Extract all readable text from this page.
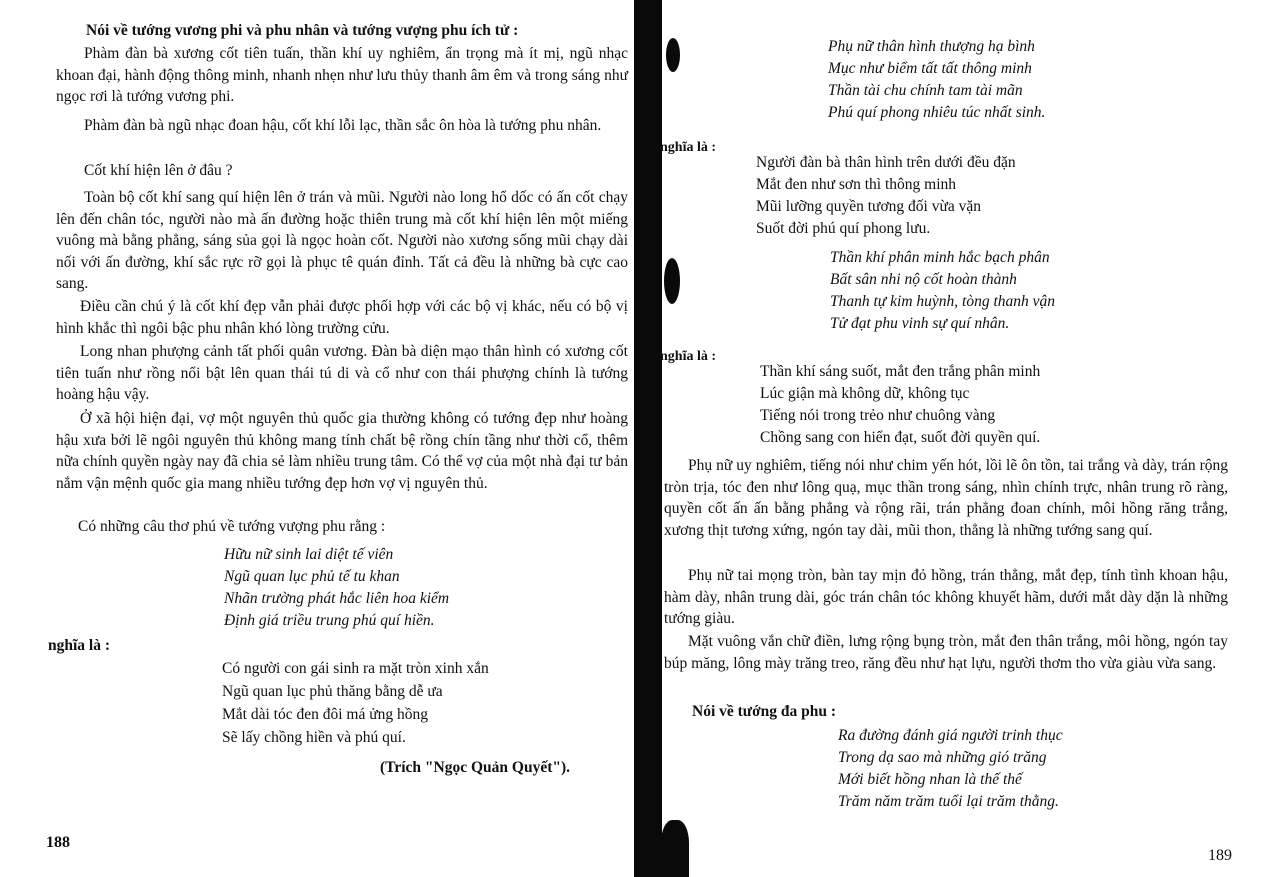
Nói về tướng vương phi và phu nhân và tướng vượng phu ích tử :

Phàm đàn bà xương cốt tiên tuấn, thần khí uy nghiêm, ẩn trọng mà ít mị, ngũ nhạc khoan đại, hành động thông minh, nhanh nhẹn như lưu thủy thanh âm êm và trong sáng như ngọc rơi là tướng vương phi.

Phàm đàn bà ngũ nhạc đoan hậu, cốt khí lỗi lạc, thần sắc ôn hòa là tướng phu nhân.

Cốt khí hiện lên ở đâu ?

Toàn bộ cốt khí sang quí hiện lên ở trán và mũi. Người nào long hổ dốc có ấn cốt chạy lên đến chân tóc, người nào mà ấn đường hoặc thiên trung mà cốt khí hiện lên một miếng vuông mà bằng phẳng, sáng sủa gọi là ngọc hoàn cốt. Người nào xương sống mũi chạy dài nối với ấn đường, khí sắc rực rỡ gọi là phục tê quán đỉnh. Tất cả đều là những bà cực cao sang.

Điều cần chú ý là cốt khí đẹp vẫn phải được phối hợp với các bộ vị khác, nếu có bộ vị hình khắc thì ngôi bậc phu nhân khó lòng trường cửu.

Long nhan phượng cảnh tất phối quân vương. Đàn bà diện mạo thân hình có xương cốt tiên tuấn như rồng nổi bật lên quan thái tú di và cổ như con thái phượng chính là tướng hoàng hậu vậy.

Ở xã hội hiện đại, vợ một nguyên thủ quốc gia thường không có tướng đẹp như hoàng hậu xưa bởi lẽ ngôi nguyên thủ không mang tính chất bệ rồng chín tầng như thời cổ, thêm nữa chính quyền ngày nay đã chia sẻ làm nhiều trung tâm. Có thể vợ của một nhà đại tư bản nắm vận mệnh quốc gia mang nhiều tướng đẹp hơn vợ vị nguyên thủ.

Có những câu thơ phú về tướng vượng phu rằng :

Hữu nữ sinh lai diệt tế viên

Ngũ quan lục phủ tế tu khan

Nhãn trường phát hắc liên hoa kiểm

Định giá triều trung phú quí hiền.

nghĩa là :

Có người con gái sinh ra mặt tròn xinh xắn

Ngũ quan lục phủ thăng bằng dễ ưa

Mắt dài tóc đen đôi má ửng hồng

Sẽ lấy chồng hiền và phú quí.

(Trích "Ngọc Quản Quyết").

188

Phụ nữ thân hình thượng hạ bình

Mục như biểm tất tất thông minh

Thần tài chu chính tam tài mãn

Phú quí phong nhiêu túc nhất sinh.

nghĩa là :

Người đàn bà thân hình trên dưới đều đặn

Mắt đen như sơn thì thông minh

Mũi lưỡng quyền tương đối vừa vặn

Suốt đời phú quí phong lưu.

Thần khí phân minh hắc bạch phân

Bất sân nhi nộ cốt hoàn thành

Thanh tự kim huỳnh, tòng thanh vận

Tử đạt phu vinh sự quí nhân.

nghĩa là :

Thần khí sáng suốt, mắt đen trắng phân minh

Lúc giận mà không dữ, không tục

Tiếng nói trong trẻo như chuông vàng

Chồng sang con hiển đạt, suốt đời quyền quí.

Phụ nữ uy nghiêm, tiếng nói như chim yến hót, lồi lẽ ôn tồn, tai trắng và dày, trán rộng tròn trịa, tóc đen như lông quạ, mục thần trong sáng, nhìn chính trực, nhân trung rõ ràng, quyền cốt ấn ấn bằng phẳng và rộng rãi, trán phẳng đoan chính, môi hồng răng trắng, xương thịt tương xứng, ngón tay dài, mũi thon, thẳng là những tướng sang quí.

Phụ nữ tai mọng tròn, bàn tay mịn đỏ hồng, trán thẳng, mắt đẹp, tính tình khoan hậu, hàm dày, nhân trung dài, góc trán chân tóc không khuyết hãm, dưới mắt dày dặn là những tướng giàu.

Mặt vuông vắn chữ điền, lưng rộng bụng tròn, mắt đen thân trắng, môi hồng, ngón tay búp măng, lông mày trăng treo, răng đều như hạt lựu, người thơm tho vừa giàu vừa sang.

Nói về tướng đa phu :

Ra đường đánh giá người trinh thục

Trong dạ sao mà những gió trăng

Mới biết hồng nhan là thế thế

Trăm năm trăm tuổi lại trăm thằng.

189
